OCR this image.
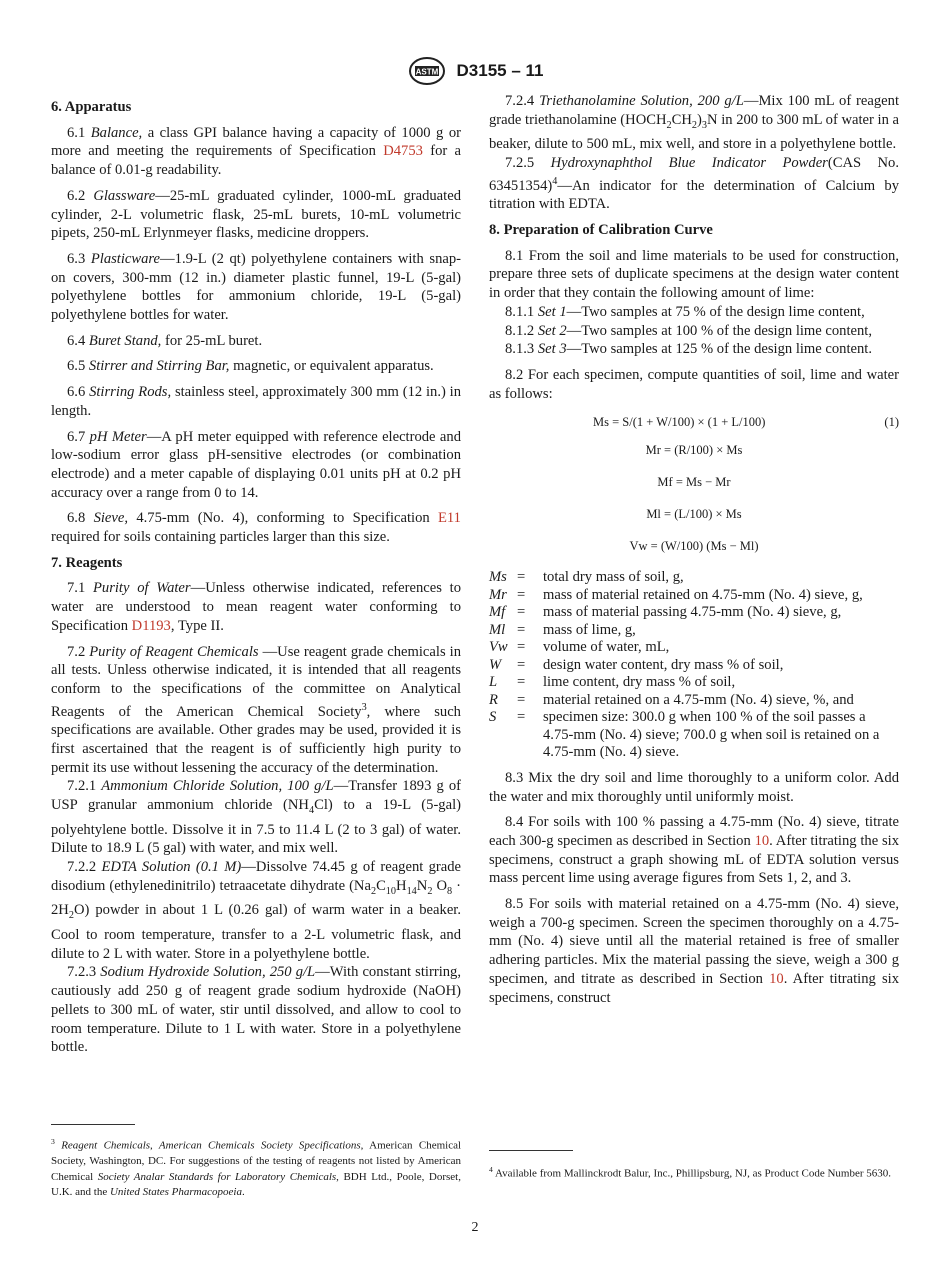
ASTM D3155 – 11
6. Apparatus

6.1 Balance, a class GPI balance having a capacity of 1000 g or more and meeting the requirements of Specification D4753 for a balance of 0.01-g readability.

6.2 Glassware—25-mL graduated cylinder, 1000-mL graduated cylinder, 2-L volumetric flask, 25-mL burets, 10-mL volumetric pipets, 250-mL Erlynmeyer flasks, medicine droppers.

6.3 Plasticware—1.9-L (2 qt) polyethylene containers with snap-on covers, 300-mm (12 in.) diameter plastic funnel, 19-L (5-gal) polyethylene bottles for ammonium chloride, 19-L (5-gal) polyethylene bottles for water.

6.4 Buret Stand, for 25-mL buret.

6.5 Stirrer and Stirring Bar, magnetic, or equivalent apparatus.

6.6 Stirring Rods, stainless steel, approximately 300 mm (12 in.) in length.

6.7 pH Meter—A pH meter equipped with reference electrode and low-sodium error glass pH-sensitive electrodes (or combination electrode) and a meter capable of displaying 0.01 units pH at 0.2 pH accuracy over a range from 0 to 14.

6.8 Sieve, 4.75-mm (No. 4), conforming to Specification E11 required for soils containing particles larger than this size.

7. Reagents

7.1 Purity of Water—Unless otherwise indicated, references to water are understood to mean reagent water conforming to Specification D1193, Type II.

7.2 Purity of Reagent Chemicals —Use reagent grade chemicals in all tests. Unless otherwise indicated, it is intended that all reagents conform to the specifications of the committee on Analytical Reagents of the American Chemical Society$^3$, where such specifications are available. Other grades may be used, provided it is first ascertained that the reagent is of sufficiently high purity to permit its use without lessening the accuracy of the determination.

7.2.1 Ammonium Chloride Solution, 100 g/L—Transfer 1893 g of USP granular ammonium chloride $(NH_4Cl)$ to a 19-L (5-gal) polyehtylene bottle. Dissolve it in 7.5 to 11.4 L (2 to 3 gal) of water. Dilute to 18.9 L (5 gal) with water, and mix well.

7.2.2 EDTA Solution (0.1 M)—Dissolve 74.45 g of reagent grade disodium (ethylenedinitrilo) tetraacetate dihydrate ($Na_2C_{10}H_{14}N_2$ $O_8 \cdot 2H_2O$) powder in about 1 L (0.26 gal) of warm water in a beaker. Cool to room temperature, transfer to a 2-L volumetric flask, and dilute to 2 L with water. Store in a polyethylene bottle.

7.2.3 Sodium Hydroxide Solution, 250 g/L—With constant stirring, cautiously add 250 g of reagent grade sodium hydroxide (NaOH) pellets to 300 mL of water, stir until dissolved, and allow to cool to room temperature. Dilute to 1 L with water. Store in a polyethylene bottle.

$^3$ Reagent Chemicals, American Chemicals Society Specifications, American Chemical Society, Washington, DC. For suggestions of the testing of reagents not listed by American Chemical Society Analar Standards for Laboratory Chemicals, BDH Ltd., Poole, Dorset, U.K. and the United States Pharmacopoeia.

7.2.4 Triethanolamine Solution, 200 g/L—Mix 100 mL of reagent grade triethanolamine $(HOCH_2CH_2)_3N$ in 200 to 300 mL of water in a beaker, dilute to 500 mL, mix well, and store in a polyethylene bottle.

7.2.5 Hydroxynaphthol Blue Indicator Powder(CAS No. 63451354)$^4$—An indicator for the determination of Calcium by titration with EDTA.

8. Preparation of Calibration Curve

8.1 From the soil and lime materials to be used for construction, prepare three sets of duplicate specimens at the design water content in order that they contain the following amount of lime:

8.1.1 Set 1—Two samples at 75 % of the design lime content,

8.1.2 Set 2—Two samples at 100 % of the design lime content,

8.1.3 Set 3—Two samples at 125 % of the design lime content.

8.2 For each specimen, compute quantities of soil, lime and water as follows:

Ms = S/(1 + W/100) × (1 + L/100)	(1)
Mr = (R/100) × Ms
Mf = Ms − Mr
Ml = (L/100) × Ms
Vw = (W/100) (Ms − Ml)
Ms =	total dry mass of soil, g,
Mr =	mass of material retained on 4.75-mm (No. 4) sieve, g,
Mf =	mass of material passing 4.75-mm (No. 4) sieve, g,
Ml =	mass of lime, g,
Vw =	volume of water, mL,
W	=	design water content, dry mass % of soil,
L	=	lime content, dry mass % of soil,
R	=	material retained on a 4.75-mm (No. 4) sieve, %, and
S	=	specimen size: 300.0 g when 100 % of the soil passes a 4.75-mm (No. 4) sieve; 700.0 g when soil is retained on a 4.75-mm (No. 4) sieve.

8.3 Mix the dry soil and lime thoroughly to a uniform color. Add the water and mix thoroughly until uniformly moist.

8.4 For soils with 100 % passing a 4.75-mm (No. 4) sieve, titrate each 300-g specimen as described in Section 10. After titrating the six specimens, construct a graph showing mL of EDTA solution versus mass percent lime using average figures from Sets 1, 2, and 3.

8.5 For soils with material retained on a 4.75-mm (No. 4) sieve, weigh a 700-g specimen. Screen the specimen thoroughly on a 4.75-mm (No. 4) sieve until all the material retained is free of smaller adhering particles. Mix the material passing the sieve, weigh a 300 g specimen, and titrate as described in Section 10. After titrating six specimens, construct

$^4$ Available from Mallinckrodt Balur, Inc., Phillipsburg, NJ, as Product Code Number 5630.
2
